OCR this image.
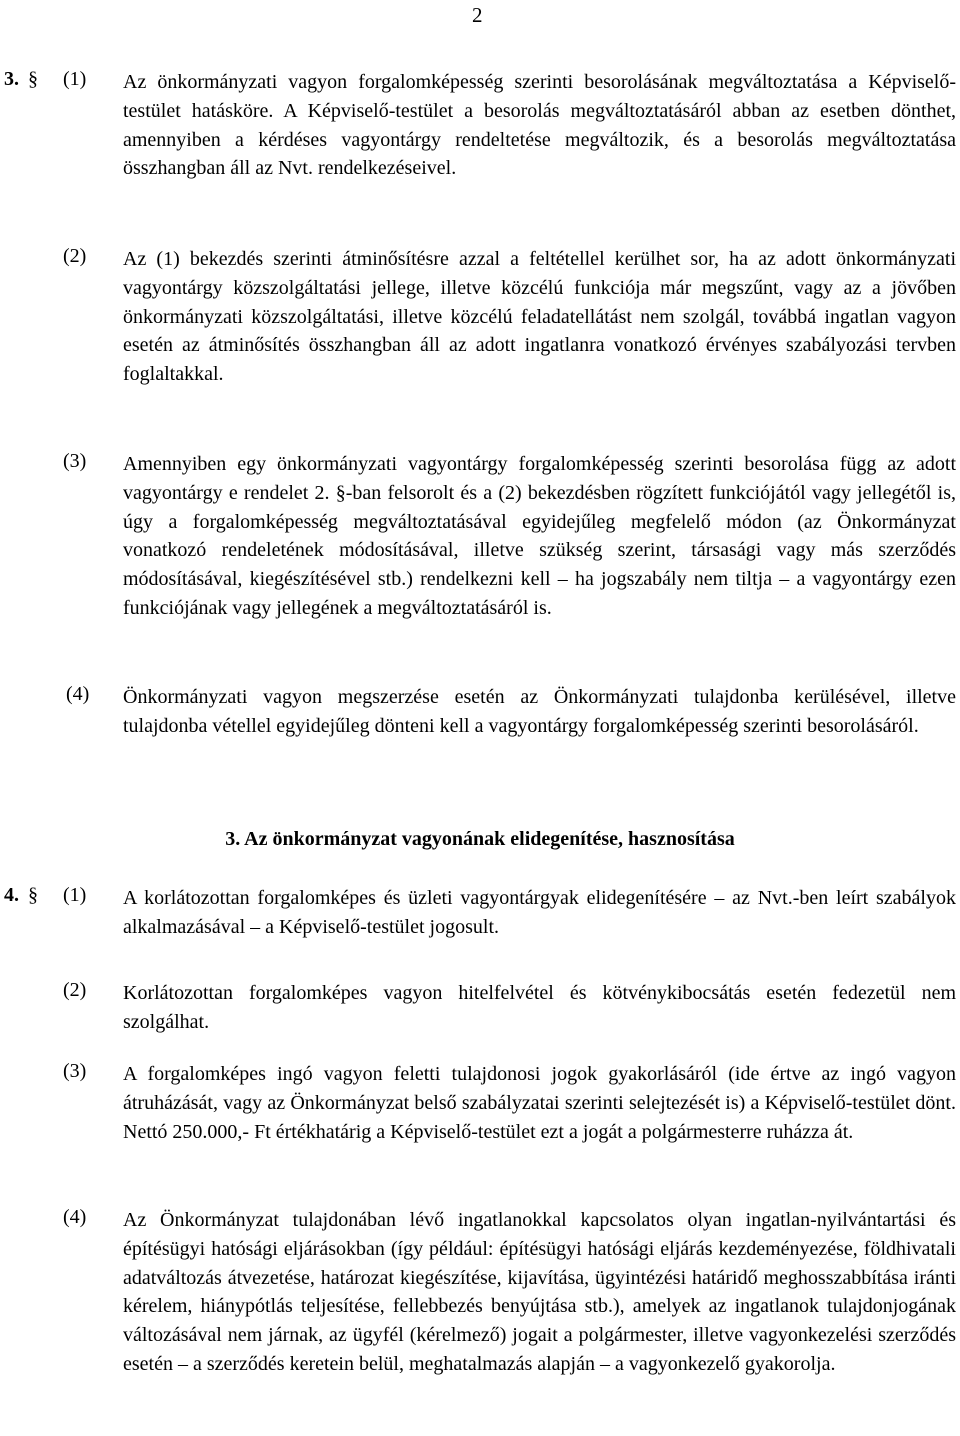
2
3. § (1) Az önkormányzati vagyon forgalomképesség szerinti besorolásának megváltoztatása a Képviselő-testület hatásköre. A Képviselő-testület a besorolás megváltoztatásáról abban az esetben dönthet, amennyiben a kérdéses vagyontárgy rendeltetése megváltozik, és a besorolás megváltoztatása összhangban áll az Nvt. rendelkezéseivel.

(2) Az (1) bekezdés szerinti átminősítésre azzal a feltétellel kerülhet sor, ha az adott önkormányzati vagyontárgy közszolgáltatási jellege, illetve közcélú funkciója már megszűnt, vagy az a jövőben önkormányzati közszolgáltatási, illetve közcélú feladatellátást nem szolgál, továbbá ingatlan vagyon esetén az átminősítés összhangban áll az adott ingatlanra vonatkozó érvényes szabályozási tervben foglaltakkal.

(3) Amennyiben egy önkormányzati vagyontárgy forgalomképesség szerinti besorolása függ az adott vagyontárgy e rendelet 2. §-ban felsorolt és a (2) bekezdésben rögzített funkciójától vagy jellegétől is, úgy a forgalomképesség megváltoztatásával egyidejűleg megfelelő módon (az Önkormányzat vonatkozó rendeletének módosításával, illetve szükség szerint, társasági vagy más szerződés módosításával, kiegészítésével stb.) rendelkezni kell – ha jogszabály nem tiltja – a vagyontárgy ezen funkciójának vagy jellegének a megváltoztatásáról is.

(4) Önkormányzati vagyon megszerzése esetén az Önkormányzati tulajdonba kerülésével, illetve tulajdonba vétellel egyidejűleg dönteni kell a vagyontárgy forgalomképesség szerinti besorolásáról.

3. Az önkormányzat vagyonának elidegenítése, hasznosítása
4. § (1) A korlátozottan forgalomképes és üzleti vagyontárgyak elidegenítésére – az Nvt.-ben leírt szabályok alkalmazásával – a Képviselő-testület jogosult.

(2) Korlátozottan forgalomképes vagyon hitelfelvétel és kötvénykibocsátás esetén fedezetül nem szolgálhat.

(3) A forgalomképes ingó vagyon feletti tulajdonosi jogok gyakorlásáról (ide értve az ingó vagyon átruházását, vagy az Önkormányzat belső szabályzatai szerinti selejtezését is) a Képviselő-testület dönt. Nettó 250.000,- Ft értékhatárig a Képviselő-testület ezt a jogát a polgármesterre ruházza át.

(4) Az Önkormányzat tulajdonában lévő ingatlanokkal kapcsolatos olyan ingatlan-nyilvántartási és építésügyi hatósági eljárásokban (így például: építésügyi hatósági eljárás kezdeményezése, földhivatali adatváltozás átvezetése, határozat kiegészítése, kijavítása, ügyintézési határidő meghosszabbítása iránti kérelem, hiánypótlás teljesítése, fellebbezés benyújtása stb.), amelyek az ingatlanok tulajdonjogának változásával nem járnak, az ügyfél (kérelmező) jogait a polgármester, illetve vagyonkezelési szerződés esetén – a szerződés keretein belül, meghatalmazás alapján – a vagyonkezelő gyakorolja.
